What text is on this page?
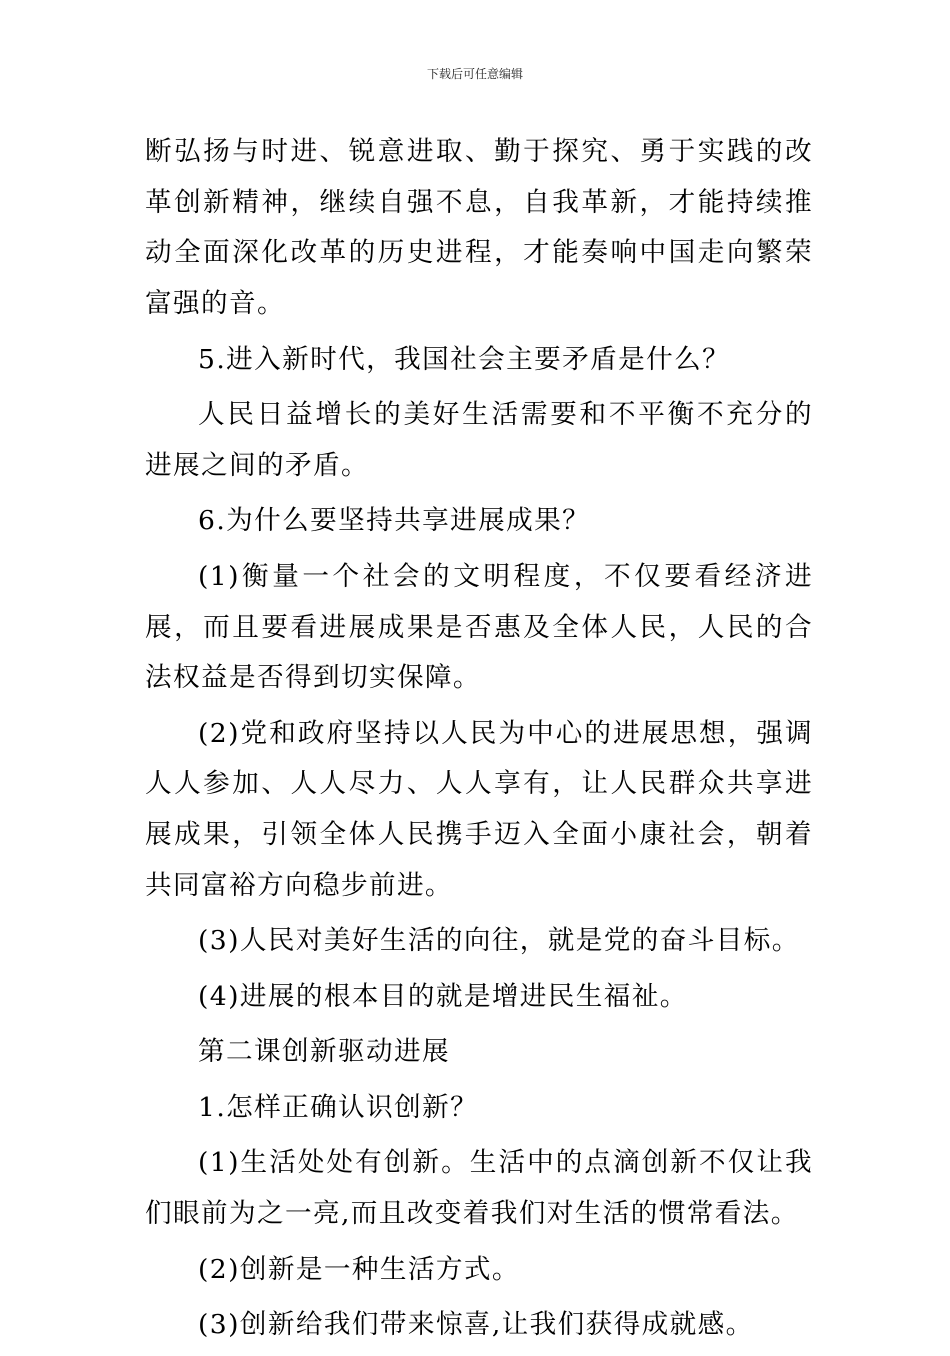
下载后可任意编辑

断弘扬与时进、锐意进取、勤于探究、勇于实践的改革创新精神，继续自强不息，自我革新，才能持续推动全面深化改革的历史进程，才能奏响中国走向繁荣富强的音。

5.进入新时代，我国社会主要矛盾是什么？

人民日益增长的美好生活需要和不平衡不充分的进展之间的矛盾。

6.为什么要坚持共享进展成果？

(1)衡量一个社会的文明程度，不仅要看经济进展，而且要看进展成果是否惠及全体人民，人民的合法权益是否得到切实保障。

(2)党和政府坚持以人民为中心的进展思想，强调人人参加、人人尽力、人人享有，让人民群众共享进展成果，引领全体人民携手迈入全面小康社会，朝着共同富裕方向稳步前进。

(3)人民对美好生活的向往，就是党的奋斗目标。

(4)进展的根本目的就是增进民生福祉。

第二课创新驱动进展

1.怎样正确认识创新？

(1)生活处处有创新。生活中的点滴创新不仅让我们眼前为之一亮,而且改变着我们对生活的惯常看法。

(2)创新是一种生活方式。

(3)创新给我们带来惊喜,让我们获得成就感。
